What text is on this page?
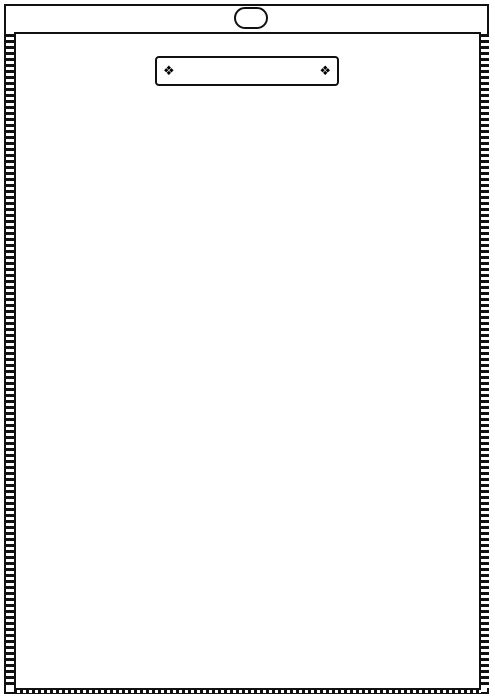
❖	❖
